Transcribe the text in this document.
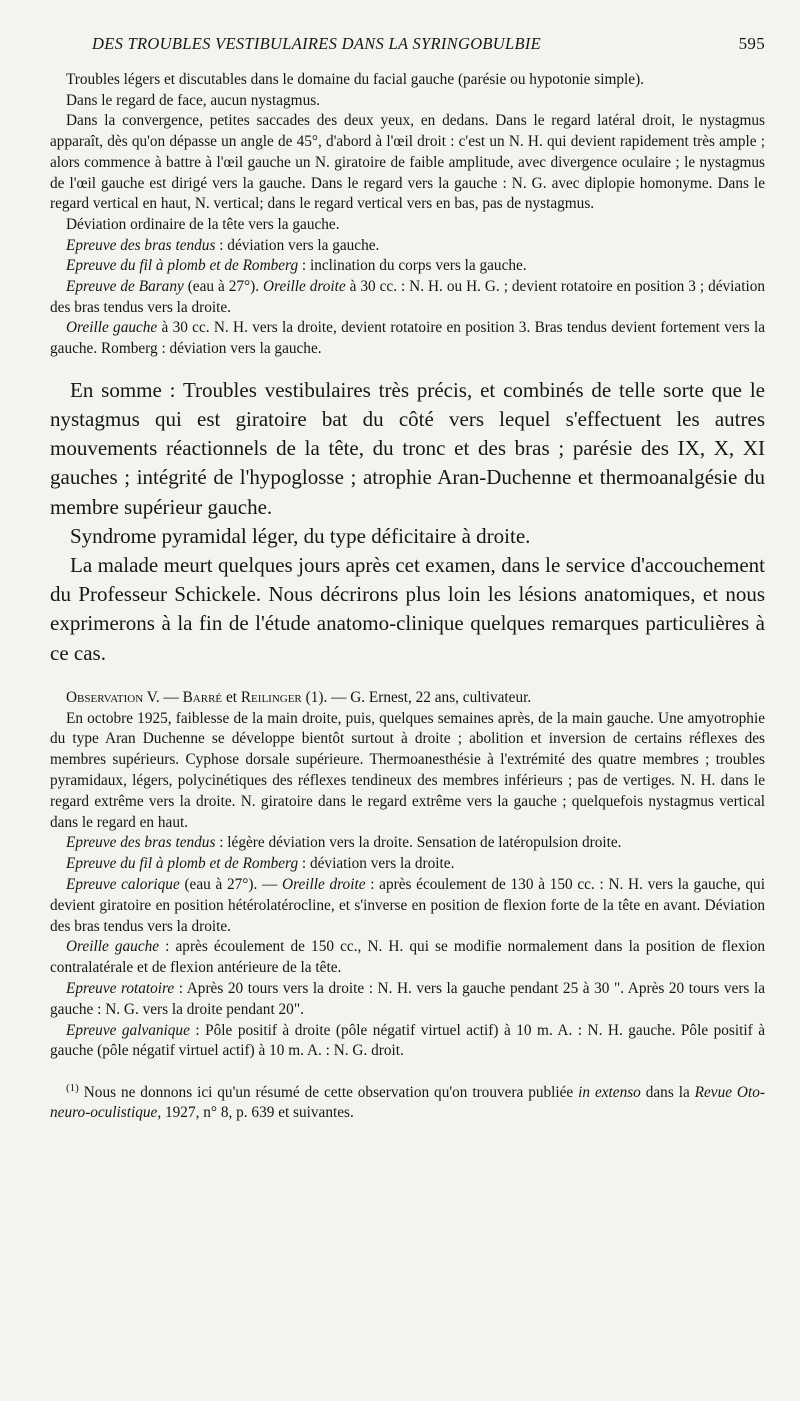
DES TROUBLES VESTIBULAIRES DANS LA SYRINGOBULBIE	595

Troubles légers et discutables dans le domaine du facial gauche (parésie ou hypotonie simple).

Dans le regard de face, aucun nystagmus.

Dans la convergence, petites saccades des deux yeux, en dedans. Dans le regard latéral droit, le nystagmus apparaît, dès qu'on dépasse un angle de 45°, d'abord à l'œil droit : c'est un N. H. qui devient rapidement très ample ; alors commence à battre à l'œil gauche un N. giratoire de faible amplitude, avec divergence oculaire ; le nystagmus de l'œil gauche est dirigé vers la gauche. Dans le regard vers la gauche : N. G. avec diplopie homonyme. Dans le regard vertical en haut, N. vertical; dans le regard vertical vers en bas, pas de nystagmus.

Déviation ordinaire de la tête vers la gauche.

Epreuve des bras tendus : déviation vers la gauche.

Epreuve du fil à plomb et de Romberg : inclination du corps vers la gauche.

Epreuve de Barany (eau à 27°). Oreille droite à 30 cc. : N. H. ou H. G. ; devient rotatoire en position 3 ; déviation des bras tendus vers la droite.

Oreille gauche à 30 cc. N. H. vers la droite, devient rotatoire en position 3. Bras tendus devient fortement vers la gauche. Romberg : déviation vers la gauche.

En somme : Troubles vestibulaires très précis, et combinés de telle sorte que le nystagmus qui est giratoire bat du côté vers lequel s'effectuent les autres mouvements réactionnels de la tête, du tronc et des bras ; parésie des IX, X, XI gauches ; intégrité de l'hypoglosse ; atrophie Aran-Duchenne et thermoanalgésie du membre supérieur gauche.

Syndrome pyramidal léger, du type déficitaire à droite.

La malade meurt quelques jours après cet examen, dans le service d'accouchement du Professeur Schickele. Nous décrirons plus loin les lésions anatomiques, et nous exprimerons à la fin de l'étude anatomo-clinique quelques remarques particulières à ce cas.

Observation V. — Barré et Reilinger (1). — G. Ernest, 22 ans, cultivateur.

En octobre 1925, faiblesse de la main droite, puis, quelques semaines après, de la main gauche. Une amyotrophie du type Aran Duchenne se développe bientôt surtout à droite ; abolition et inversion de certains réflexes des membres supérieurs. Cyphose dorsale supérieure. Thermoanesthésie à l'extrémité des quatre membres ; troubles pyramidaux, légers, polycinétiques des réflexes tendineux des membres inférieurs ; pas de vertiges. N. H. dans le regard extrême vers la droite. N. giratoire dans le regard extrême vers la gauche ; quelquefois nystagmus vertical dans le regard en haut.

Epreuve des bras tendus : légère déviation vers la droite. Sensation de latéropulsion droite.

Epreuve du fil à plomb et de Romberg : déviation vers la droite.

Epreuve calorique (eau à 27°). — Oreille droite : après écoulement de 130 à 150 cc. : N. H. vers la gauche, qui devient giratoire en position hétérolatérocline, et s'inverse en position de flexion forte de la tête en avant. Déviation des bras tendus vers la droite.

Oreille gauche : après écoulement de 150 cc., N. H. qui se modifie normalement dans la position de flexion contralatérale et de flexion antérieure de la tête.

Epreuve rotatoire : Après 20 tours vers la droite : N. H. vers la gauche pendant 25 à 30 ". Après 20 tours vers la gauche : N. G. vers la droite pendant 20".

Epreuve galvanique : Pôle positif à droite (pôle négatif virtuel actif) à 10 m. A. : N. H. gauche. Pôle positif à gauche (pôle négatif virtuel actif) à 10 m. A. : N. G. droit.

$^{(1)}$ Nous ne donnons ici qu'un résumé de cette observation qu'on trouvera publiée in extenso dans la Revue Oto-neuro-oculistique, 1927, n° 8, p. 639 et suivantes.
